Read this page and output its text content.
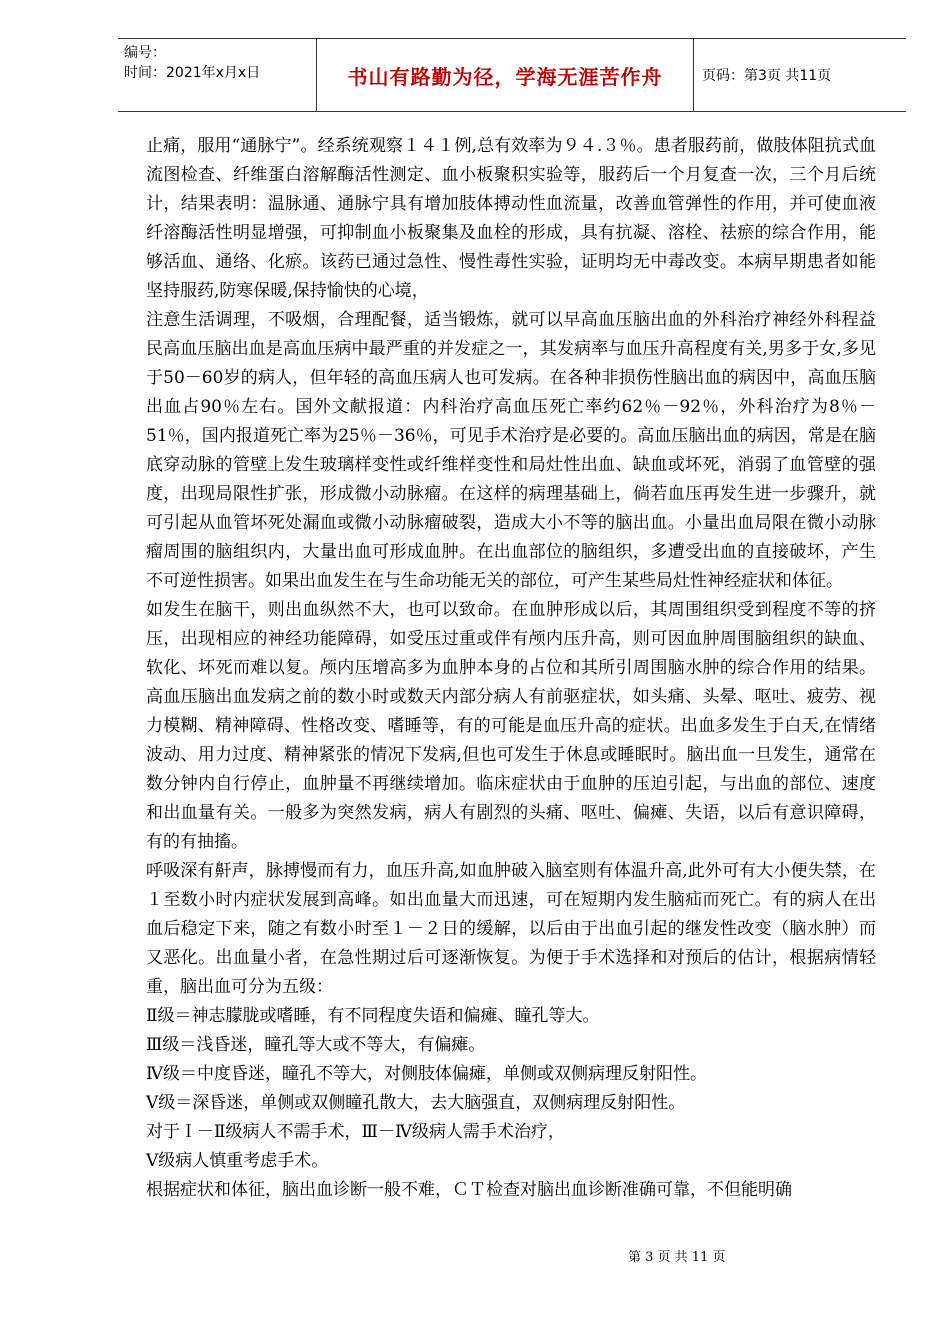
编号：
时间：2021年x月x日	书山有路勤为径，学海无涯苦作舟	页码：第3页 共11页

止痛，服用“通脉宁”。经系统观察１４１例,总有效率为９４.３％。患者服药前，做肢体阻抗式血流图检查、纤维蛋白溶解酶活性测定、血小板聚积实验等，服药后一个月复查一次，三个月后统计，结果表明：温脉通、通脉宁具有增加肢体搏动性血流量，改善血管弹性的作用，并可使血液纤溶酶活性明显增强，可抑制血小板聚集及血栓的形成，具有抗凝、溶栓、祛瘀的综合作用，能够活血、通络、化瘀。该药已通过急性、慢性毒性实验，证明均无中毒改变。本病早期患者如能坚持服药,防寒保暖,保持愉快的心境，

注意生活调理，不吸烟，合理配餐，适当锻炼，就可以早高血压脑出血的外科治疗神经外科程益民高血压脑出血是高血压病中最严重的并发症之一，其发病率与血压升高程度有关,男多于女,多见于50－60岁的病人，但年轻的高血压病人也可发病。在各种非损伤性脑出血的病因中，高血压脑出血占90％左右。国外文献报道：内科治疗高血压死亡率约62％－92％，外科治疗为8％－51％，国内报道死亡率为25％－36％，可见手术治疗是必要的。高血压脑出血的病因，常是在脑底穿动脉的管壁上发生玻璃样变性或纤维样变性和局灶性出血、缺血或坏死，消弱了血管壁的强度，出现局限性扩张，形成微小动脉瘤。在这样的病理基础上，倘若血压再发生进一步骤升，就可引起从血管坏死处漏血或微小动脉瘤破裂，造成大小不等的脑出血。小量出血局限在微小动脉瘤周围的脑组织内，大量出血可形成血肿。在出血部位的脑组织，多遭受出血的直接破坏，产生不可逆性损害。如果出血发生在与生命功能无关的部位，可产生某些局灶性神经症状和体征。

如发生在脑干，则出血纵然不大，也可以致命。在血肿形成以后，其周围组织受到程度不等的挤压，出现相应的神经功能障碍，如受压过重或伴有颅内压升高，则可因血肿周围脑组织的缺血、软化、坏死而难以复。颅内压增高多为血肿本身的占位和其所引周围脑水肿的综合作用的结果。高血压脑出血发病之前的数小时或数天内部分病人有前驱症状，如头痛、头晕、呕吐、疲劳、视力模糊、精神障碍、性格改变、嗜睡等，有的可能是血压升高的症状。出血多发生于白天,在情绪波动、用力过度、精神紧张的情况下发病,但也可发生于休息或睡眠时。脑出血一旦发生，通常在数分钟内自行停止，血肿量不再继续增加。临床症状由于血肿的压迫引起，与出血的部位、速度和出血量有关。一般多为突然发病，病人有剧烈的头痛、呕吐、偏瘫、失语，以后有意识障碍，有的有抽搐。

呼吸深有鼾声，脉搏慢而有力，血压升高,如血肿破入脑室则有体温升高,此外可有大小便失禁，在１至数小时内症状发展到高峰。如出血量大而迅速，可在短期内发生脑疝而死亡。有的病人在出血后稳定下来，随之有数小时至１－２日的缓解，以后由于出血引起的继发性改变（脑水肿）而又恶化。出血量小者，在急性期过后可逐渐恢复。为便于手术选择和对预后的估计，根据病情轻重，脑出血可分为五级：

Ⅱ级＝神志朦胧或嗜睡，有不同程度失语和偏瘫、瞳孔等大。

Ⅲ级＝浅昏迷，瞳孔等大或不等大，有偏瘫。

Ⅳ级＝中度昏迷，瞳孔不等大，对侧肢体偏瘫，单侧或双侧病理反射阳性。

Ⅴ级＝深昏迷，单侧或双侧瞳孔散大，去大脑强直，双侧病理反射阳性。

对于Ｉ－Ⅱ级病人不需手术，Ⅲ－Ⅳ级病人需手术治疗，

Ⅴ级病人慎重考虑手术。

根据症状和体征，脑出血诊断一般不难，ＣＴ检查对脑出血诊断准确可靠，不但能明确

第 3 页 共 11 页
